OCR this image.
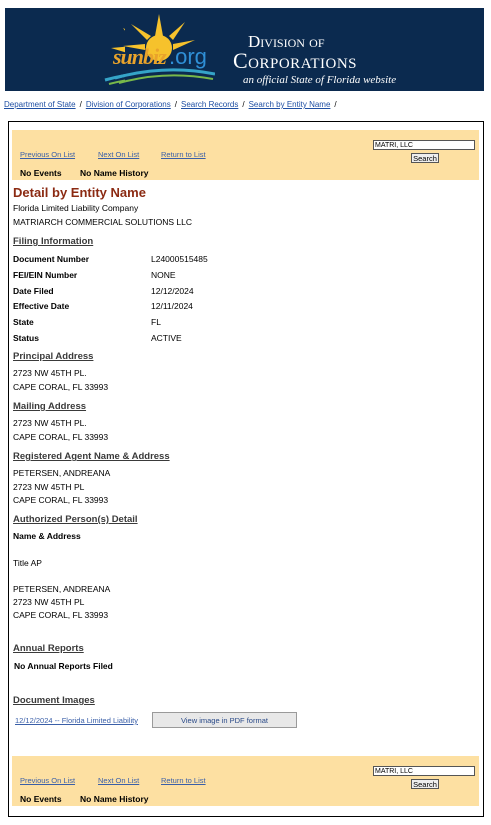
sunbiz .org
Division of
Corporations
an official State of Florida website
Department of State / Division of Corporations / Search Records / Search by Entity Name /
Previous On List	Next On List	Return to List
No Events No Name History
MATRI, LLC
Search
Detail by Entity Name
Florida Limited Liability Company
MATRIARCH COMMERCIAL SOLUTIONS LLC
Filing Information
Document Number	L24000515485
FEI/EIN Number	NONE
Date Filed	12/12/2024
Effective Date	12/11/2024
State	FL
Status	ACTIVE
Principal Address
2723 NW 45TH PL.
CAPE CORAL, FL 33993
Mailing Address
2723 NW 45TH PL.
CAPE CORAL, FL 33993
Registered Agent Name & Address
PETERSEN, ANDREANA
2723 NW 45TH PL
CAPE CORAL, FL 33993
Authorized Person(s) Detail
Name & Address
Title AP
PETERSEN, ANDREANA
2723 NW 45TH PL
CAPE CORAL, FL 33993
Annual Reports
No Annual Reports Filed
Document Images
12/12/2024 -- Florida Limited Liability	View image in PDF format
Previous On List	Next On List	Return to List
No Events No Name History
MATRI, LLC
Search
